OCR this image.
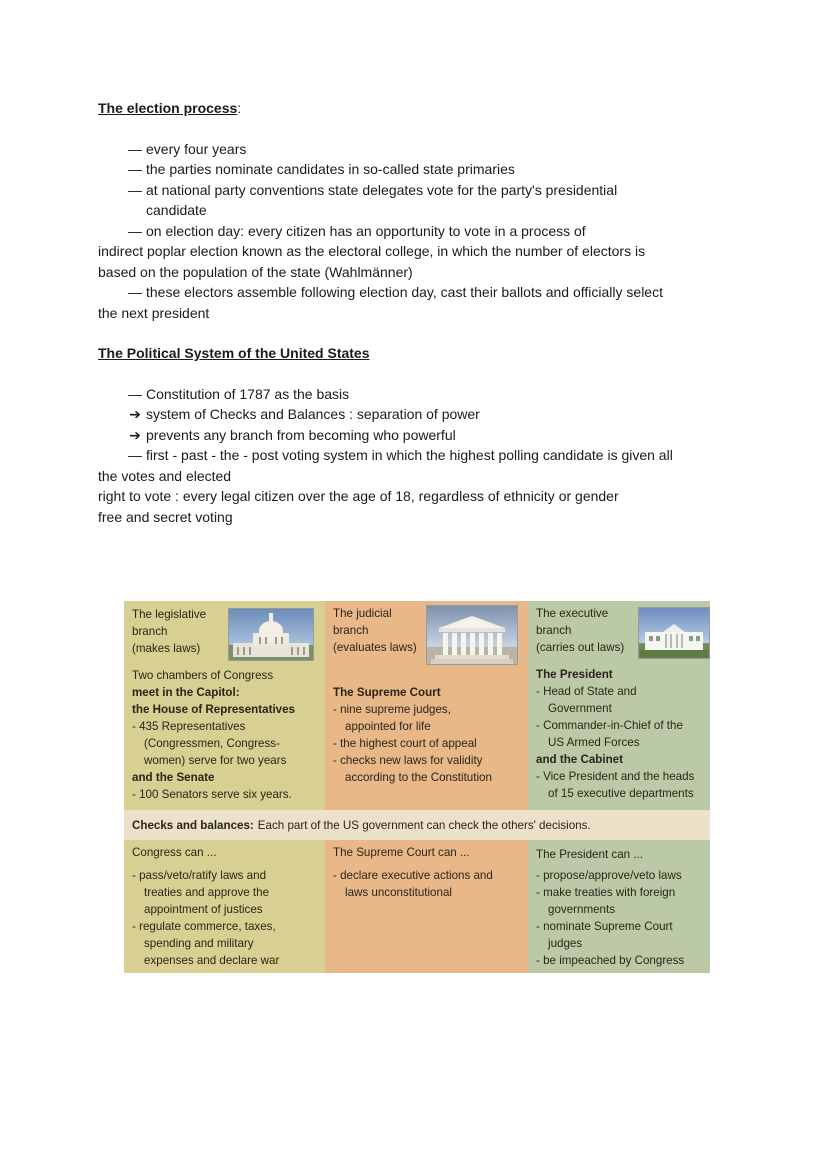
The election process:
— every four years
— the parties nominate candidates in so-called state primaries
— at national party conventions state delegates vote for the party's presidential
candidate
— on election day: every citizen has an opportunity to vote in a process of
indirect poplar election known as the electoral college, in which the number of electors is
based on the population of the state (Wahlmänner)
— these electors assemble following election day, cast their ballots and officially select
the next president
The Political System of the United States
— Constitution of 1787 as the basis
➔ system of Checks and Balances : separation of power
➔ prevents any branch from becoming who powerful
— first - past - the - post voting system in which the highest polling candidate is given all
the votes and elected
right to vote : every legal citizen over the age of 18, regardless of ethnicity or gender
free and secret voting

The legislative

branch

(makes laws)

Two chambers of Congress

meet in the Capitol:

the House of Representatives

- 435 Representatives

(Congressmen, Congress-

women) serve for two years

and the Senate

- 100 Senators serve six years.

The judicial

branch

(evaluates laws)

The Supreme Court

- nine supreme judges,

appointed for life

- the highest court of appeal

- checks new laws for validity

according to the Constitution

The executive

branch

(carries out laws)

The President

- Head of State and

Government

- Commander-in-Chief of the

US Armed Forces

and the Cabinet

- Vice President and the heads

of 15 executive departments

Checks and balances: Each part of the US government can check the others' decisions.

Congress can ...

- pass/veto/ratify laws and

treaties and approve the

appointment of justices

- regulate commerce, taxes,

spending and military

expenses and declare war

The Supreme Court can ...

- declare executive actions and

laws unconstitutional

The President can ...

- propose/approve/veto laws

- make treaties with foreign

governments

- nominate Supreme Court

judges

- be impeached by Congress
